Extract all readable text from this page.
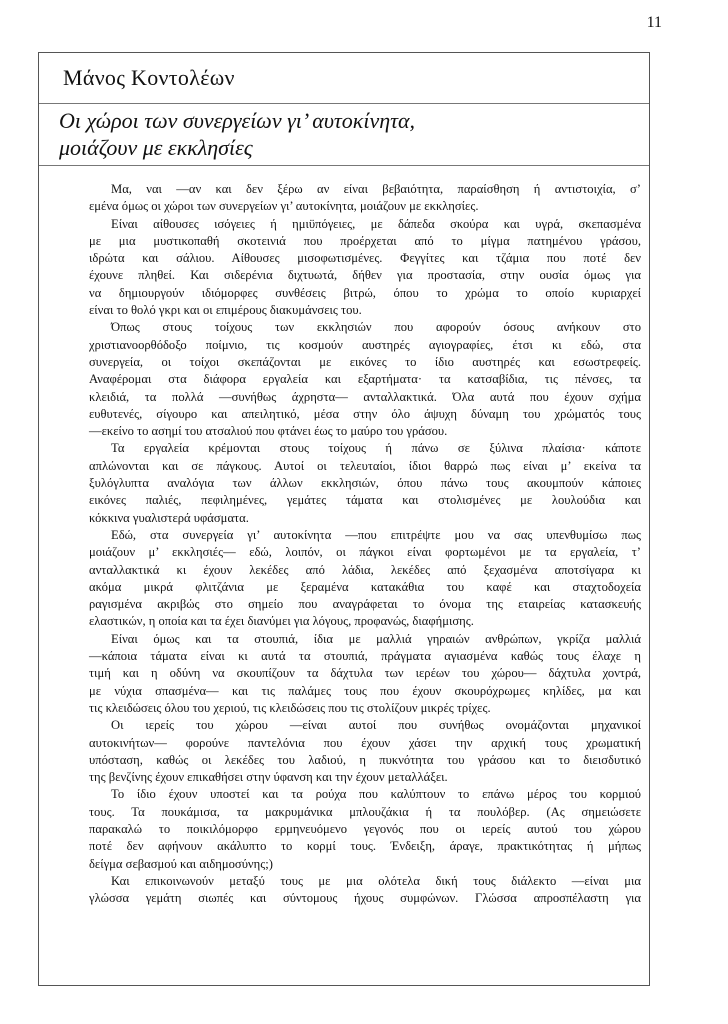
11
Μάνος Κοντολέων
Οι χώροι των συνεργείων γι’ αυτοκίνητα,
μοιάζουν με εκκλησίες
Μα, ναι —αν και δεν ξέρω αν είναι βεβαιότητα, παραίσθηση ή αντιστοιχία, σ’
εμένα όμως οι χώροι των συνεργείων γι’ αυτοκίνητα, μοιάζουν με εκκλησίες.
Είναι αίθουσες ισόγειες ή ημιϋπόγειες, με δάπεδα σκούρα και υγρά, σκεπασμένα
με μια μυστικοπαθή σκοτεινιά που προέρχεται από το μίγμα πατημένου γράσου,
ιδρώτα και σάλιου. Αίθουσες μισοφωτισμένες. Φεγγίτες και τζάμια που ποτέ δεν
έχουνε πληθεί. Και σιδερένια διχτυωτά, δήθεν για προστασία, στην ουσία όμως για
να δημιουργούν ιδιόμορφες συνθέσεις βιτρώ, όπου το χρώμα το οποίο κυριαρχεί
είναι το θολό γκρι και οι επιμέρους διακυμάνσεις του.
Όπως στους τοίχους των εκκλησιών που αφορούν όσους ανήκουν στο
χριστιανοορθόδοξο ποίμνιο, τις κοσμούν αυστηρές αγιογραφίες, έτσι κι εδώ, στα
συνεργεία, οι τοίχοι σκεπάζονται με εικόνες το ίδιο αυστηρές και εσωστρεφείς.
Αναφέρομαι στα διάφορα εργαλεία και εξαρτήματα· τα κατσαβίδια, τις πένσες, τα
κλειδιά, τα πολλά —συνήθως άχρηστα— ανταλλακτικά. Όλα αυτά που έχουν σχήμα
ευθυτενές, σίγουρο και απειλητικό, μέσα στην όλο άψυχη δύναμη του χρώματός τους
—εκείνο το ασημί του ατσαλιού που φτάνει έως το μαύρο του γράσου.
Τα εργαλεία κρέμονται στους τοίχους ή πάνω σε ξύλινα πλαίσια· κάποτε
απλώνονται και σε πάγκους. Αυτοί οι τελευταίοι, ίδιοι θαρρώ πως είναι μ’ εκείνα τα
ξυλόγλυπτα αναλόγια των άλλων εκκλησιών, όπου πάνω τους ακουμπούν κάποιες
εικόνες παλιές, πεφιλημένες, γεμάτες τάματα και στολισμένες με λουλούδια και
κόκκινα γυαλιστερά υφάσματα.
Εδώ, στα συνεργεία γι’ αυτοκίνητα —που επιτρέψτε μου να σας υπενθυμίσω πως
μοιάζουν μ’ εκκλησιές— εδώ, λοιπόν, οι πάγκοι είναι φορτωμένοι με τα εργαλεία, τ’
ανταλλακτικά κι έχουν λεκέδες από λάδια, λεκέδες από ξεχασμένα αποτσίγαρα κι
ακόμα μικρά φλιτζάνια με ξεραμένα κατακάθια του καφέ και σταχτοδοχεία
ραγισμένα ακριβώς στο σημείο που αναγράφεται το όνομα της εταιρείας κατασκευής
ελαστικών, η οποία και τα έχει διανύμει για λόγους, προφανώς, διαφήμισης.
Είναι όμως και τα στουπιά, ίδια με μαλλιά γηραιών ανθρώπων, γκρίζα μαλλιά
—κάποια τάματα είναι κι αυτά τα στουπιά, πράγματα αγιασμένα καθώς τους έλαχε η
τιμή και η οδύνη να σκουπίζουν τα δάχτυλα των ιερέων του χώρου— δάχτυλα χοντρά,
με νύχια σπασμένα— και τις παλάμες τους που έχουν σκουρόχρωμες κηλίδες, μα και
τις κλειδώσεις όλου του χεριού, τις κλειδώσεις που τις στολίζουν μικρές τρίχες.
Οι ιερείς του χώρου —είναι αυτοί που συνήθως ονομάζονται μηχανικοί
αυτοκινήτων— φορούνε παντελόνια που έχουν χάσει την αρχική τους χρωματική
υπόσταση, καθώς οι λεκέδες του λαδιού, η πυκνότητα του γράσου και το διεισδυτικό
της βενζίνης έχουν επικαθήσει στην ύφανση και την έχουν μεταλλάξει.
Το ίδιο έχουν υποστεί και τα ρούχα που καλύπτουν το επάνω μέρος του κορμιού
τους. Τα πουκάμισα, τα μακρυμάνικα μπλουζάκια ή τα πουλόβερ. (Ας σημειώσετε
παρακαλώ το ποικιλόμορφο ερμηνευόμενο γεγονός που οι ιερείς αυτού του χώρου
ποτέ δεν αφήνουν ακάλυπτο το κορμί τους. Ένδειξη, άραγε, πρακτικότητας ή μήπως
δείγμα σεβασμού και αιδημοσύνης;)
Και επικοινωνούν μεταξύ τους με μια ολότελα δική τους διάλεκτο —είναι μια
γλώσσα γεμάτη σιωπές και σύντομους ήχους συμφώνων. Γλώσσα απροσπέλαστη για
